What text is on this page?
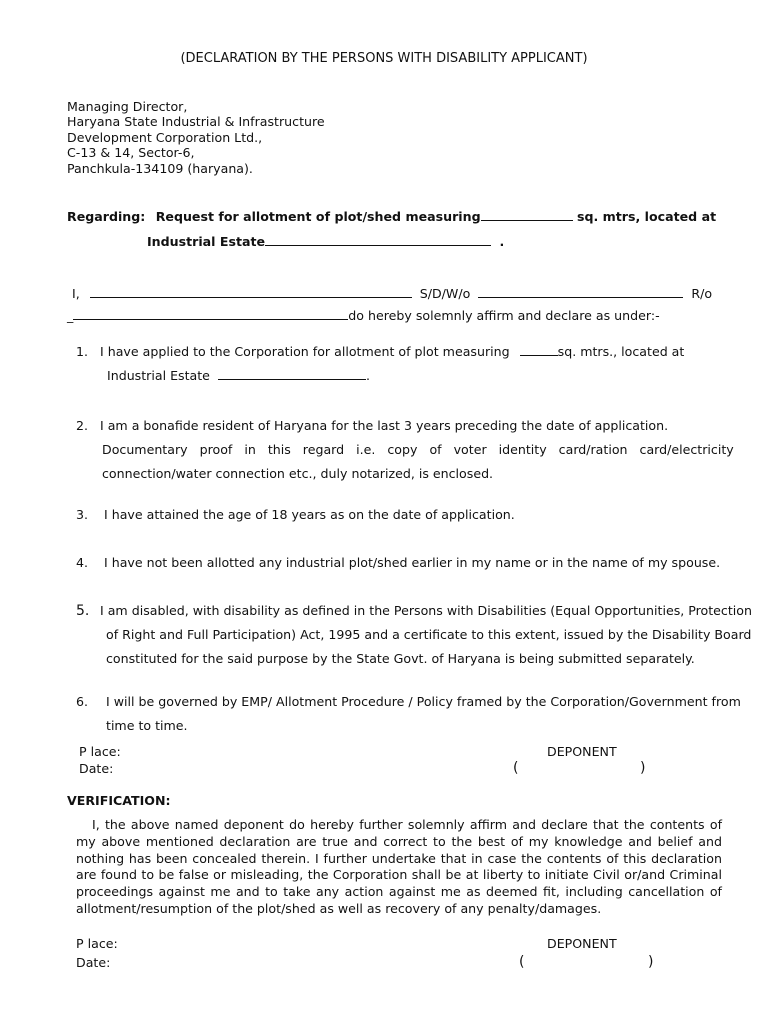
(DECLARATION BY THE PERSONS WITH DISABILITY APPLICANT)
Managing Director,
Haryana State Industrial & Infrastructure
Development Corporation Ltd.,
C-13 & 14, Sector-6,
Panchkula-134109 (haryana).
Regarding: Request for allotment of plot/shed measuring	sq. mtrs, located at
Industrial Estate	.
I,	S/D/W/o	R/o
_	do hereby solemnly affirm and declare as under:-
1. I have applied to the Corporation for allotment of plot measuring	sq. mtrs., located at
Industrial Estate	.
2. I am a bonafide resident of Haryana for the last 3 years preceding the date of application.
Documentary proof in this regard i.e. copy of voter identity card/ration card/electricity
connection/water connection etc., duly notarized, is enclosed.
3. I have attained the age of 18 years as on the date of application.
4. I have not been allotted any industrial plot/shed earlier in my name or in the name of my spouse.
5. I am disabled, with disability as defined in the Persons with Disabilities (Equal Opportunities, Protection
of Right and Full Participation) Act, 1995 and a certificate to this extent, issued by the Disability Board
constituted for the said purpose by the State Govt. of Haryana is being submitted separately.
6. I will be governed by EMP/ Allotment Procedure / Policy framed by the Corporation/Government from
time to time.
P lace:
Date:
DEPONENT
(	)
VERIFICATION:
I, the above named deponent do hereby further solemnly affirm and declare that the contents of my above mentioned declaration are true and correct to the best of my knowledge and belief and nothing has been concealed therein. I further undertake that in case the contents of this declaration are found to be false or misleading, the Corporation shall be at liberty to initiate Civil or/and Criminal proceedings against me and to take any action against me as deemed fit, including cancellation of allotment/resumption of the plot/shed as well as recovery of any penalty/damages.
P lace:
Date:
DEPONENT
(	)
